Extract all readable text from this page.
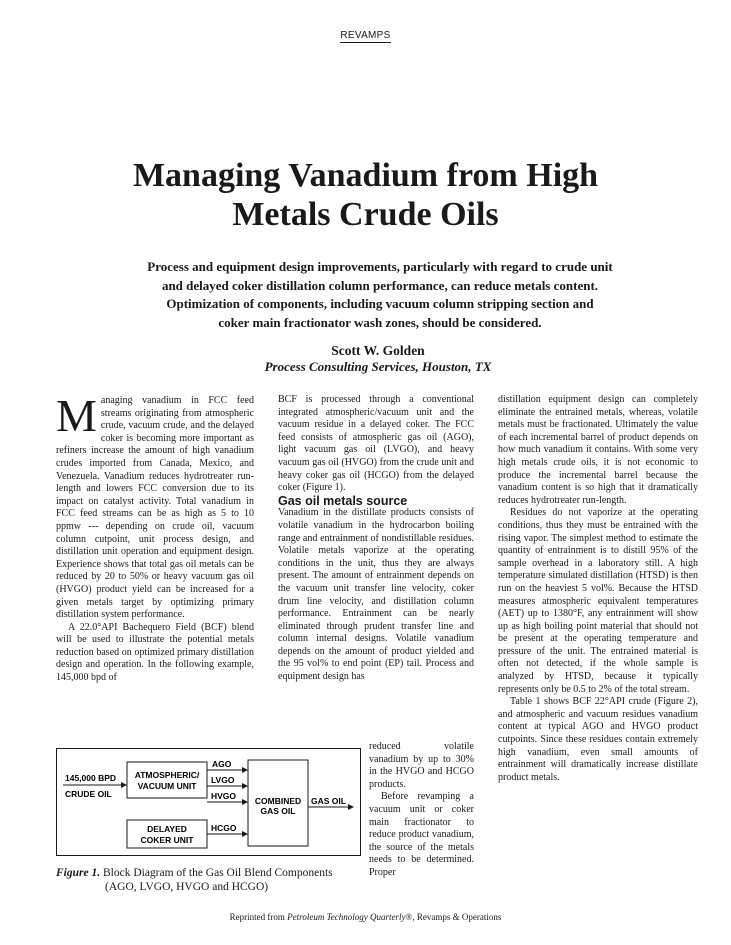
REVAMPS
Managing Vanadium from High
Metals Crude Oils

Process and equipment design improvements, particularly with regard to crude unit
and delayed coker distillation column performance, can reduce metals content.
Optimization of components, including vacuum column stripping section and
coker main fractionator wash zones, should be considered.

Scott W. Golden
Process Consulting Services, Houston, TX

Managing vanadium in FCC feed streams originating from atmospheric crude, vacuum crude, and the delayed coker is becoming more important as refiners increase the amount of high vanadium crudes imported from Canada, Mexico, and Venezuela. Vanadium reduces hydrotreater run-length and lowers FCC conversion due to its impact on catalyst activity. Total vanadium in FCC feed streams can be as high as 5 to 10 ppmw --- depending on crude oil, vacuum column cutpoint, unit process design, and distillation unit operation and equipment design. Experience shows that total gas oil metals can be reduced by 20 to 50% or heavy vacuum gas oil (HVGO) product yield can be increased for a given metals target by optimizing primary distillation system performance.

A 22.0°API Bachequero Field (BCF) blend will be used to illustrate the potential metals reduction based on optimized primary distillation design and operation. In the following example, 145,000 bpd of

BCF is processed through a conventional integrated atmospheric/vacuum unit and the vacuum residue in a delayed coker. The FCC feed consists of atmospheric gas oil (AGO), light vacuum gas oil (LVGO), and heavy vacuum gas oil (HVGO) from the crude unit and heavy coker gas oil (HCGO) from the delayed coker (Figure 1).

Gas oil metals source

Vanadium in the distillate products consists of volatile vanadium in the hydrocarbon boiling range and entrainment of nondistillable residues. Volatile metals vaporize at the operating conditions in the unit, thus they are always present. The amount of entrainment depends on the vacuum unit transfer line velocity, coker drum line velocity, and distillation column performance. Entrainment can be nearly eliminated through prudent transfer line and column internal designs. Volatile vanadium depends on the amount of product yielded and the 95 vol% to end point (EP) tail. Process and equipment design has

reduced volatile vanadium by up to 30% in the HVGO and HCGO products.

Before revamping a vacuum unit or coker main fractionator to reduce product vanadium, the source of the metals needs to be determined. Proper

distillation equipment design can completely eliminate the entrained metals, whereas, volatile metals must be fractionated. Ultimately the value of each incremental barrel of product depends on how much vanadium it contains. With some very high metals crude oils, it is not economic to produce the incremental barrel because the vanadium content is so high that it dramatically reduces hydrotreater run-length.

Residues do not vaporize at the operating conditions, thus they must be entrained with the rising vapor. The simplest method to estimate the quantity of entrainment is to distill 95% of the sample overhead in a laboratory still. A high temperature simulated distillation (HTSD) is then run on the heaviest 5 vol%. Because the HTSD measures atmospheric equivalent temperatures (AET) up to 1380°F, any entrainment will show up as high boiling point material that should not be present at the operating temperature and pressure of the unit. The entrained material is often not detected, if the whole sample is analyzed by HTSD, because it typically represents only be 0.5 to 2% of the total stream.

Table 1 shows BCF 22°API crude (Figure 2), and atmospheric and vacuum residues vanadium content at typical AGO and HVGO product cutpoints. Since these residues contain extremely high vanadium, even small amounts of entrainment will dramatically increase distillate product metals.

145,000 BPD
CRUDE OIL
ATMOSPHERIC/
VACUUM UNIT
AGO
LVGO
HVGO
DELAYED
COKER UNIT
HCGO
COMBINED
GAS OIL
GAS OIL
Figure 1. Block Diagram of the Gas Oil Blend Components
(AGO, LVGO, HVGO and HCGO)
Reprinted from Petroleum Technology Quarterly®, Revamps & Operations
